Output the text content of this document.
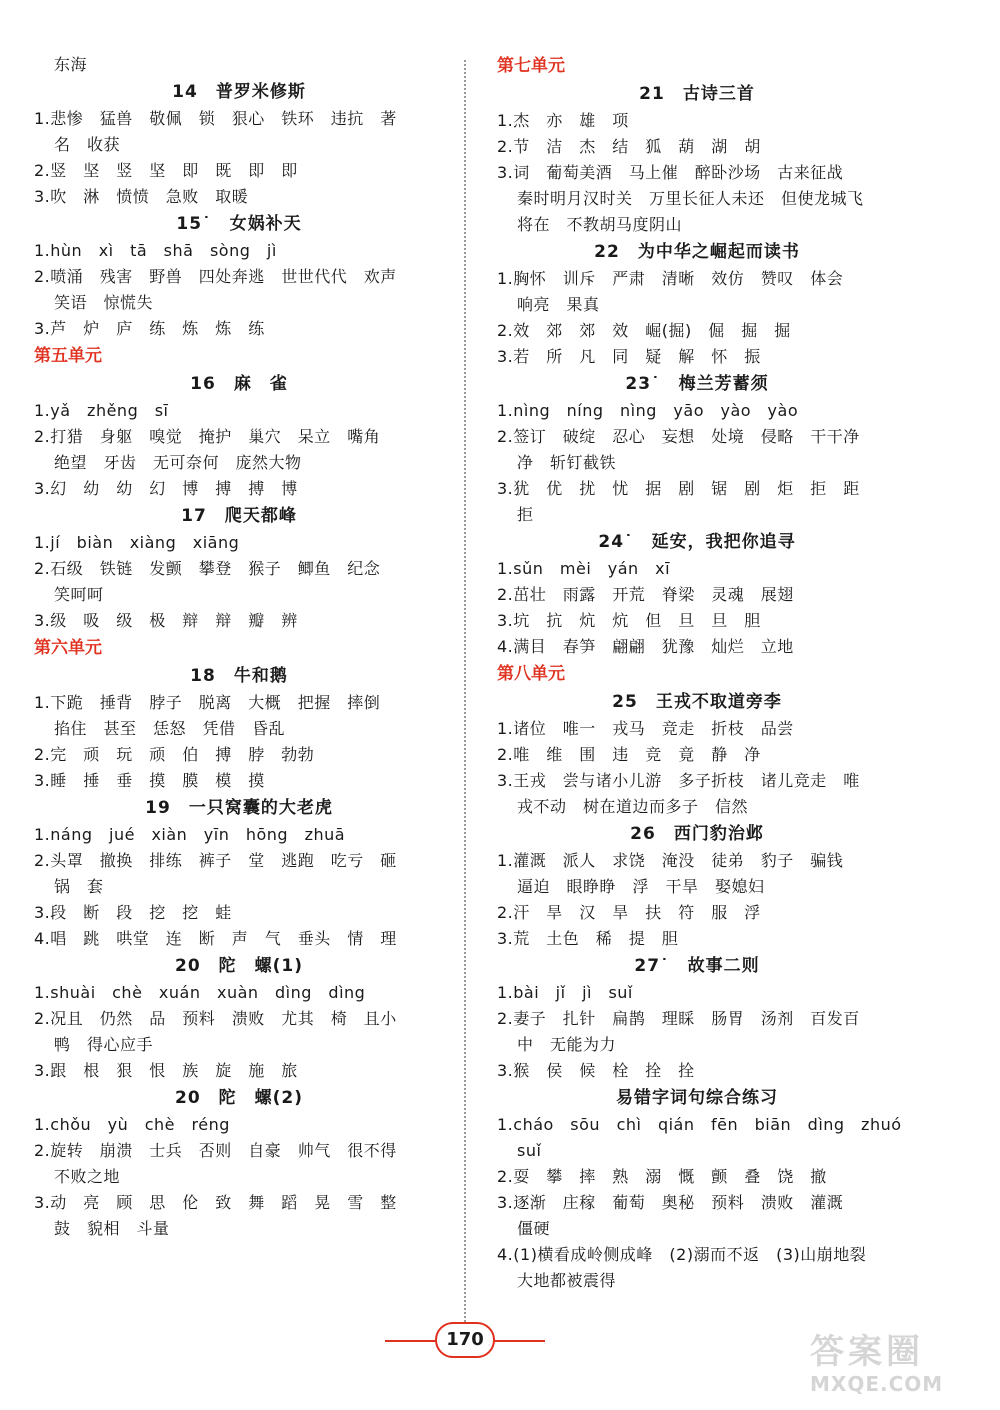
东海
14　普罗米修斯
1.悲惨　猛兽　敬佩　锁　狠心　铁环　违抗　著
名　收获
2.竖　坚　竖　坚　即　既　即　即
3.吹　淋　愤愤　急败　取暖
15˙　女娲补天
1.hùn　xì　tā　shā　sòng　jì
2.喷涌　残害　野兽　四处奔逃　世世代代　欢声
笑语　惊慌失
3.芦　炉　庐　练　炼　炼　练
第五单元
16　麻　雀
1.yǎ　zhěng　sī
2.打猎　身躯　嗅觉　掩护　巢穴　呆立　嘴角
绝望　牙齿　无可奈何　庞然大物
3.幻　幼　幼　幻　博　搏　搏　博
17　爬天都峰
1.jí　biàn　xiàng　xiāng
2.石级　铁链　发颤　攀登　猴子　鲫鱼　纪念
笑呵呵
3.级　吸　级　极　辩　辩　瓣　辨
第六单元
18　牛和鹅
1.下跪　捶背　脖子　脱离　大概　把握　摔倒
掐住　甚至　恁怒　凭借　昏乱
2.完　顽　玩　顽　伯　搏　脖　勃勃
3.睡　捶　垂　摸　膜　模　摸
19　一只窝囊的大老虎
1.náng　jué　xiàn　yīn　hōng　zhuā
2.头罩　撤换　排练　裤子　堂　逃跑　吃亏　砸
锅　套
3.段　断　段　挖　挖　蛙
4.唱　跳　哄堂　连　断　声　气　垂头　情　理
20　陀　螺(1)
1.shuài　chè　xuán　xuàn　dìng　dìng
2.况且　仍然　品　预料　溃败　尤其　椅　且小
鸭　得心应手
3.跟　根　狠　恨　族　旋　施　旅
20　陀　螺(2)
1.chǒu　yù　chè　réng
2.旋转　崩溃　士兵　否则　自豪　帅气　很不得
不败之地
3.动　亮　顾　思　伦　致　舞　蹈　晃　雪　整
鼓　貌相　斗量
第七单元
21　古诗三首
1.杰　亦　雄　项
2.节　洁　杰　结　狐　葫　湖　胡
3.词　葡萄美酒　马上催　醉卧沙场　古来征战
秦时明月汉时关　万里长征人未还　但使龙城飞
将在　不教胡马度阴山
22　为中华之崛起而读书
1.胸怀　训斥　严肃　清晰　效仿　赞叹　体会
响亮　果真
2.效　郊　郊　效　崛(掘)　倔　掘　掘
3.若　所　凡　同　疑　解　怀　振
23˙　梅兰芳蓄须
1.nìng　níng　nìng　yāo　yào　yào
2.签订　破绽　忍心　妄想　处境　侵略　干干净
净　斩钉截铁
3.犹　优　扰　忧　据　剧　锯　剧　炬　拒　距
拒
24˙　延安，我把你追寻
1.sǔn　mèi　yán　xī
2.茁壮　雨露　开荒　脊梁　灵魂　展翅
3.坑　抗　炕　炕　但　旦　旦　胆
4.满目　春笋　翩翩　犹豫　灿烂　立地
第八单元
25　王戎不取道旁李
1.诸位　唯一　戎马　竞走　折枝　品尝
2.唯　维　围　违　竞　竟　静　净
3.王戎　尝与诸小儿游　多子折枝　诸儿竞走　唯
戎不动　树在道边而多子　信然
26　西门豹治邺
1.灌溉　派人　求饶　淹没　徒弟　豹子　骗钱
逼迫　眼睁睁　浮　干旱　娶媳妇
2.汗　旱　汉　旱　扶　符　服　浮
3.荒　土色　稀　提　胆
27˙　故事二则
1.bài　jǐ　jì　suǐ
2.妻子　扎针　扁鹊　理睬　肠胃　汤剂　百发百
中　无能为力
3.猴　侯　候　栓　拴　拴
易错字词句综合练习
1.cháo　sōu　chì　qián　fēn　biān　dìng　zhuó
suǐ
2.耍　攀　摔　熟　溺　慨　颤　叠　饶　撤
3.逐渐　庄稼　葡萄　奥秘　预料　溃败　灌溉
僵硬
4.(1)横看成岭侧成峰　(2)溺而不返　(3)山崩地裂
大地都被震得
170	答案圈
MXQE.COM
